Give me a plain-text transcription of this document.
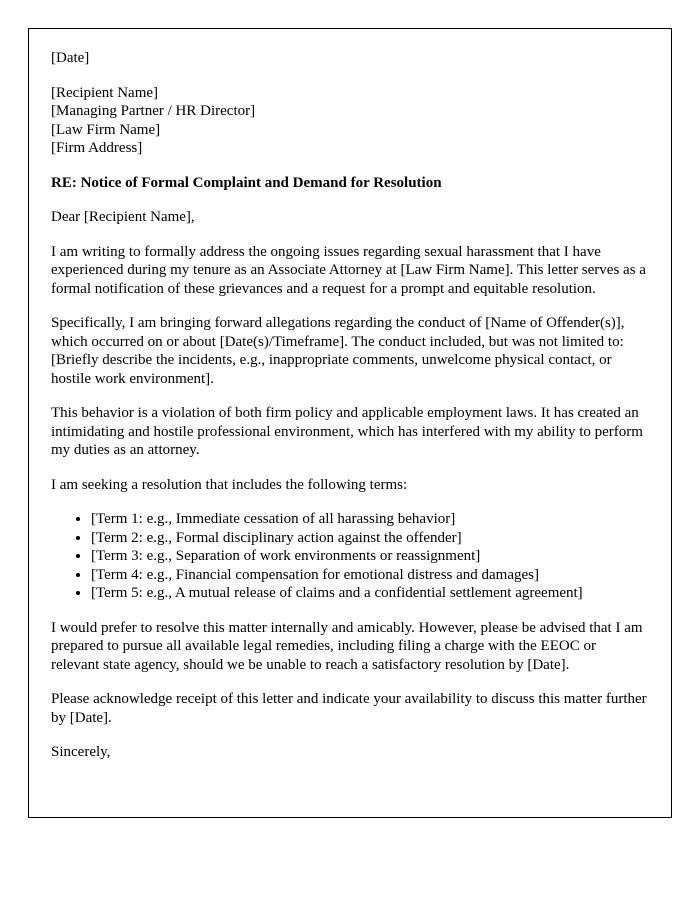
[Date]

[Recipient Name]

[Managing Partner / HR Director]

[Law Firm Name]

[Firm Address]

RE: Notice of Formal Complaint and Demand for Resolution

Dear [Recipient Name],

I am writing to formally address the ongoing issues regarding sexual harassment that I have experienced during my tenure as an Associate Attorney at [Law Firm Name]. This letter serves as a formal notification of these grievances and a request for a prompt and equitable resolution.

Specifically, I am bringing forward allegations regarding the conduct of [Name of Offender(s)], which occurred on or about [Date(s)/Timeframe]. The conduct included, but was not limited to: [Briefly describe the incidents, e.g., inappropriate comments, unwelcome physical contact, or hostile work environment].

This behavior is a violation of both firm policy and applicable employment laws. It has created an intimidating and hostile professional environment, which has interfered with my ability to perform my duties as an attorney.

I am seeking a resolution that includes the following terms:

• [Term 1: e.g., Immediate cessation of all harassing behavior]
• [Term 2: e.g., Formal disciplinary action against the offender]
• [Term 3: e.g., Separation of work environments or reassignment]
• [Term 4: e.g., Financial compensation for emotional distress and damages]
• [Term 5: e.g., A mutual release of claims and a confidential settlement agreement]

I would prefer to resolve this matter internally and amicably. However, please be advised that I am prepared to pursue all available legal remedies, including filing a charge with the EEOC or relevant state agency, should we be unable to reach a satisfactory resolution by [Date].

Please acknowledge receipt of this letter and indicate your availability to discuss this matter further by [Date].

Sincerely,
